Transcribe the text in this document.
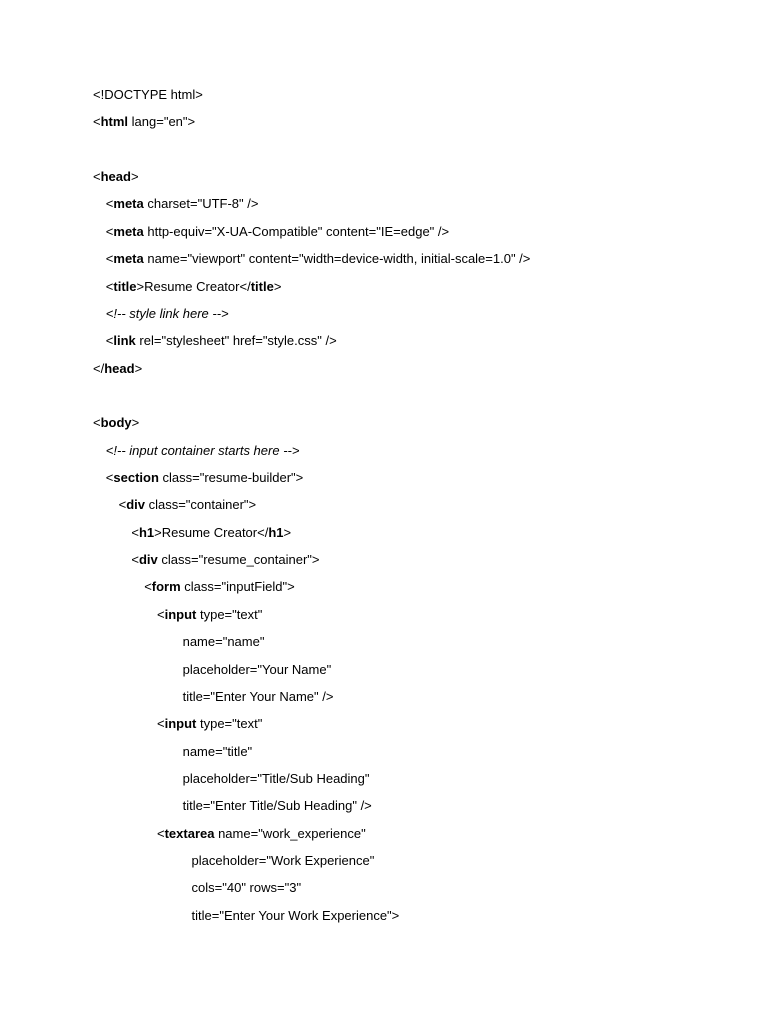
<!DOCTYPE html>
<html lang="en">
<head>
<meta charset="UTF-8" />
<meta http-equiv="X-UA-Compatible" content="IE=edge" />
<meta name="viewport" content="width=device-width, initial-scale=1.0" />
<title>Resume Creator</title>
<!-- style link here -->
<link rel="stylesheet" href="style.css" />
</head>
<body>
<!-- input container starts here -->
<section class="resume-builder">
<div class="container">
<h1>Resume Creator</h1>
<div class="resume_container">
<form class="inputField">
<input type="text"
name="name"
placeholder="Your Name"
title="Enter Your Name" />
<input type="text"
name="title"
placeholder="Title/Sub Heading"
title="Enter Title/Sub Heading" />
<textarea name="work_experience"
placeholder="Work Experience"
cols="40" rows="3"
title="Enter Your Work Experience">
